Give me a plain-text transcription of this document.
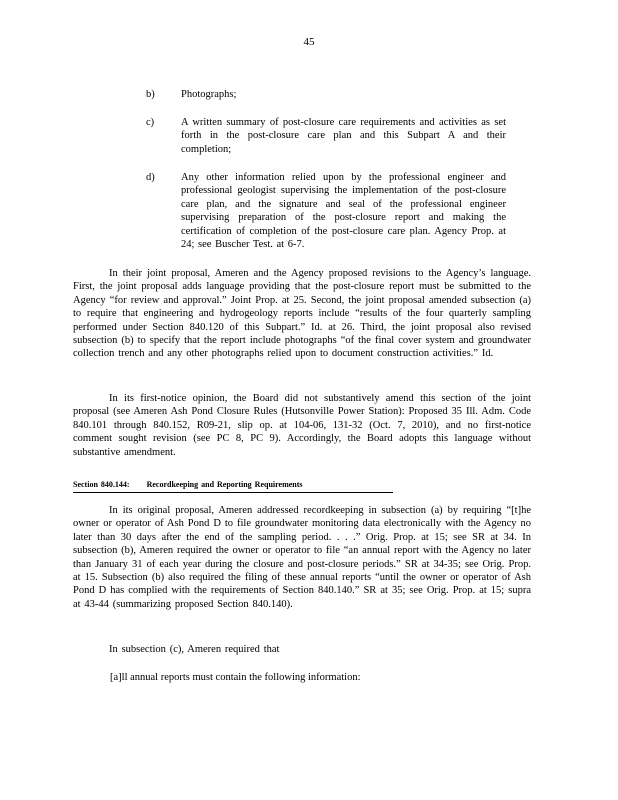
45
b)	Photographs;
c)	A written summary of post-closure care requirements and activities as set forth in the post-closure care plan and this Subpart A and their completion;
d)	Any other information relied upon by the professional engineer and professional geologist supervising the implementation of the post-closure care plan, and the signature and seal of the professional engineer supervising preparation of the post-closure report and making the certification of completion of the post-closure care plan. Agency Prop. at 24; see Buscher Test. at 6-7.
In their joint proposal, Ameren and the Agency proposed revisions to the Agency’s language. First, the joint proposal adds language providing that the post-closure report must be submitted to the Agency “for review and approval.” Joint Prop. at 25. Second, the joint proposal amended subsection (a) to require that engineering and hydrogeology reports include “results of the four quarterly sampling performed under Section 840.120 of this Subpart.” Id. at 26. Third, the joint proposal also revised subsection (b) to specify that the report include photographs “of the final cover system and groundwater collection trench and any other photographs relied upon to document construction activities.” Id.
In its first-notice opinion, the Board did not substantively amend this section of the joint proposal (see Ameren Ash Pond Closure Rules (Hutsonville Power Station): Proposed 35 Ill. Adm. Code 840.101 through 840.152, R09-21, slip op. at 104-06, 131-32 (Oct. 7, 2010), and no first-notice comment sought revision (see PC 8, PC 9). Accordingly, the Board adopts this language without substantive amendment.
Section 840.144: Recordkeeping and Reporting Requirements
In its original proposal, Ameren addressed recordkeeping in subsection (a) by requiring “[t]he owner or operator of Ash Pond D to file groundwater monitoring data electronically with the Agency no later than 30 days after the end of the sampling period. . . .” Orig. Prop. at 15; see SR at 34. In subsection (b), Ameren required the owner or operator to file “an annual report with the Agency no later than January 31 of each year during the closure and post-closure periods.” SR at 34-35; see Orig. Prop. at 15. Subsection (b) also required the filing of these annual reports “until the owner or operator of Ash Pond D has complied with the requirements of Section 840.140.” SR at 35; see Orig. Prop. at 15; supra at 43-44 (summarizing proposed Section 840.140).
In subsection (c), Ameren required that
[a]ll annual reports must contain the following information:
